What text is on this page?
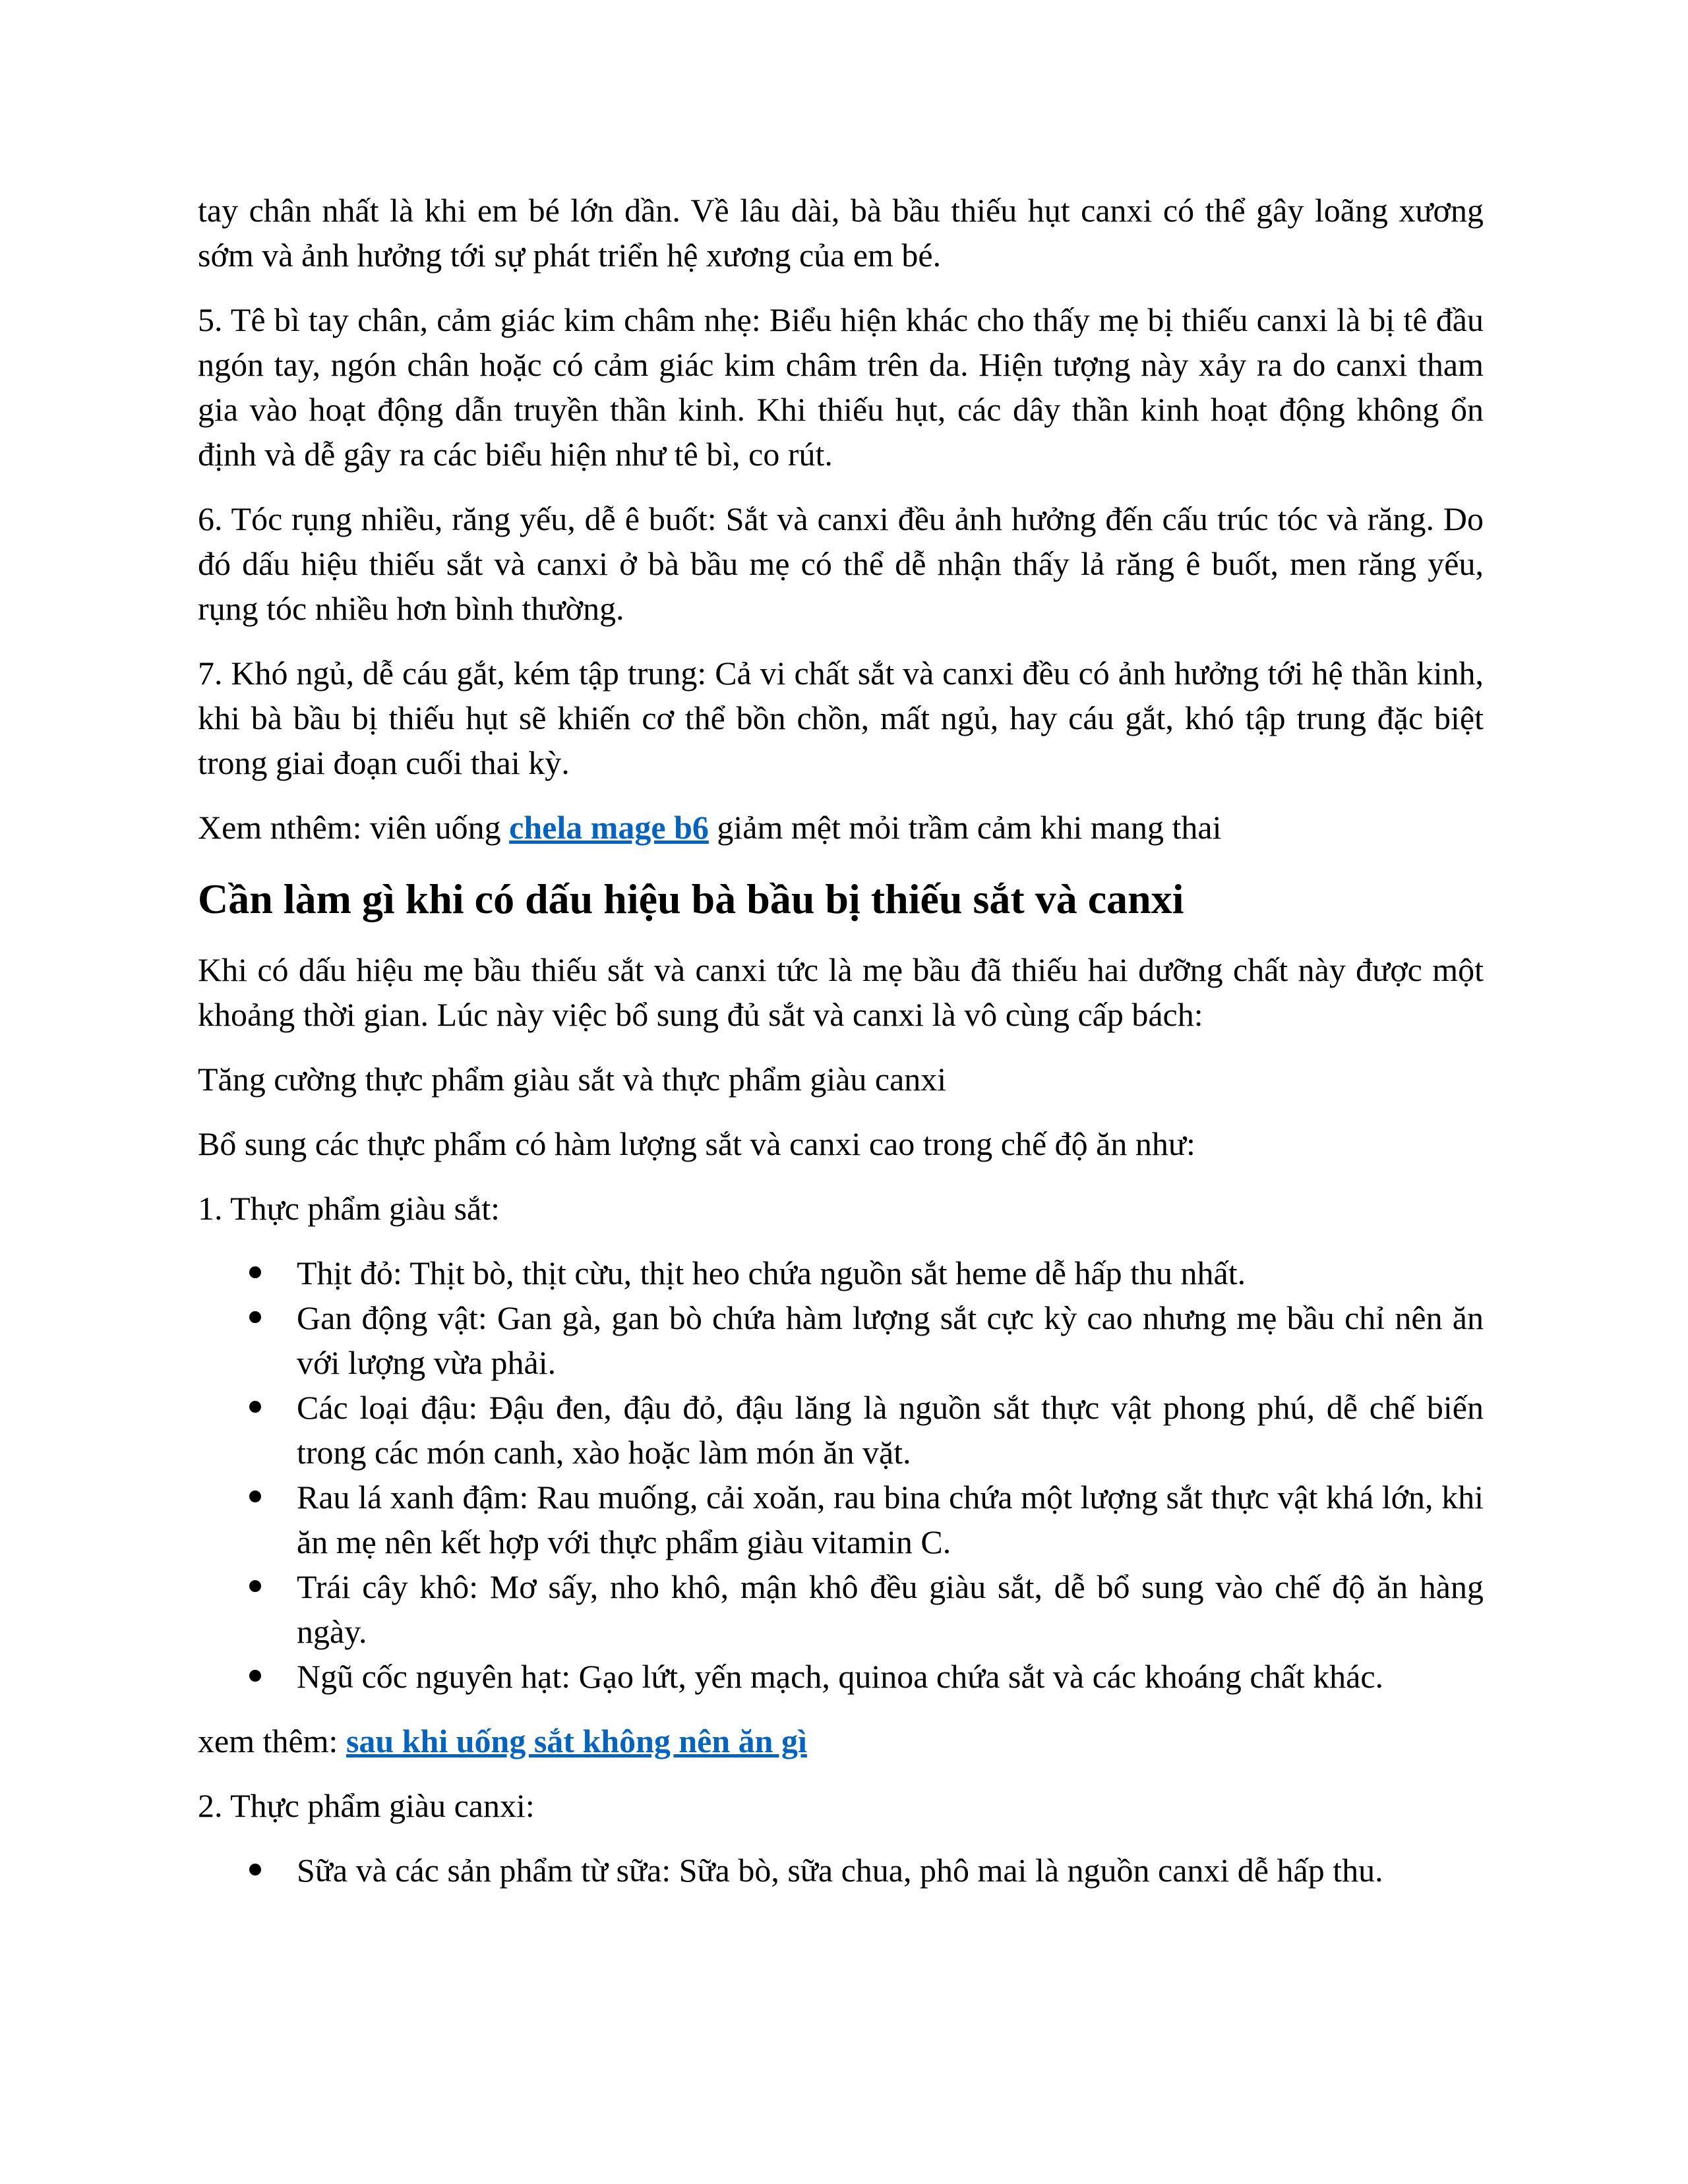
tay chân nhất là khi em bé lớn dần. Về lâu dài, bà bầu thiếu hụt canxi có thể gây loãng xương sớm và ảnh hưởng tới sự phát triển hệ xương của em bé.

5. Tê bì tay chân, cảm giác kim châm nhẹ: Biểu hiện khác cho thấy mẹ bị thiếu canxi là bị tê đầu ngón tay, ngón chân hoặc có cảm giác kim châm trên da. Hiện tượng này xảy ra do canxi tham gia vào hoạt động dẫn truyền thần kinh. Khi thiếu hụt, các dây thần kinh hoạt động không ổn định và dễ gây ra các biểu hiện như tê bì, co rút.

6. Tóc rụng nhiều, răng yếu, dễ ê buốt: Sắt và canxi đều ảnh hưởng đến cấu trúc tóc và răng. Do đó dấu hiệu thiếu sắt và canxi ở bà bầu mẹ có thể dễ nhận thấy lả răng ê buốt, men răng yếu, rụng tóc nhiều hơn bình thường.

7. Khó ngủ, dễ cáu gắt, kém tập trung: Cả vi chất sắt và canxi đều có ảnh hưởng tới hệ thần kinh, khi bà bầu bị thiếu hụt sẽ khiến cơ thể bồn chồn, mất ngủ, hay cáu gắt, khó tập trung đặc biệt trong giai đoạn cuối thai kỳ.

Xem nthêm: viên uống chela mage b6 giảm mệt mỏi trầm cảm khi mang thai

Cần làm gì khi có dấu hiệu bà bầu bị thiếu sắt và canxi

Khi có dấu hiệu mẹ bầu thiếu sắt và canxi tức là mẹ bầu đã thiếu hai dưỡng chất này được một khoảng thời gian. Lúc này việc bổ sung đủ sắt và canxi là vô cùng cấp bách:

Tăng cường thực phẩm giàu sắt và thực phẩm giàu canxi

Bổ sung các thực phẩm có hàm lượng sắt và canxi cao trong chế độ ăn như:

1. Thực phẩm giàu sắt:

Thịt đỏ: Thịt bò, thịt cừu, thịt heo chứa nguồn sắt heme dễ hấp thu nhất.
Gan động vật: Gan gà, gan bò chứa hàm lượng sắt cực kỳ cao nhưng mẹ bầu chỉ nên ăn với lượng vừa phải.
Các loại đậu: Đậu đen, đậu đỏ, đậu lăng là nguồn sắt thực vật phong phú, dễ chế biến trong các món canh, xào hoặc làm món ăn vặt.
Rau lá xanh đậm: Rau muống, cải xoăn, rau bina chứa một lượng sắt thực vật khá lớn, khi ăn mẹ nên kết hợp với thực phẩm giàu vitamin C.
Trái cây khô: Mơ sấy, nho khô, mận khô đều giàu sắt, dễ bổ sung vào chế độ ăn hàng ngày.
Ngũ cốc nguyên hạt: Gạo lứt, yến mạch, quinoa chứa sắt và các khoáng chất khác.

xem thêm: sau khi uống sắt không nên ăn gì

2. Thực phẩm giàu canxi:

Sữa và các sản phẩm từ sữa: Sữa bò, sữa chua, phô mai là nguồn canxi dễ hấp thu.
